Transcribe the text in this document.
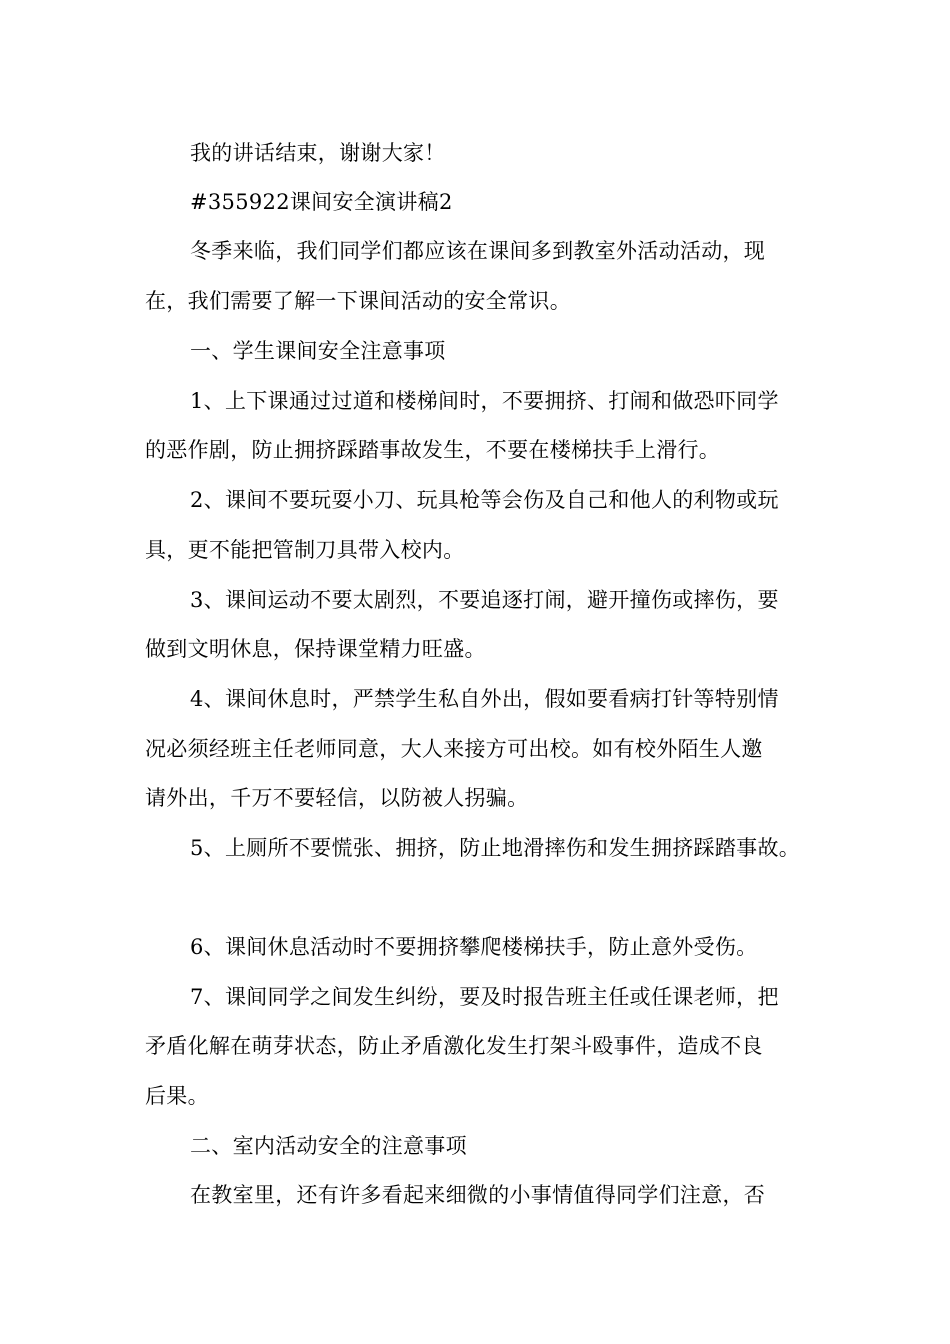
我的讲话结束，谢谢大家！
#355922课间安全演讲稿2
冬季来临，我们同学们都应该在课间多到教室外活动活动，现
在，我们需要了解一下课间活动的安全常识。
一、学生课间安全注意事项
1、上下课通过过道和楼梯间时，不要拥挤、打闹和做恐吓同学
的恶作剧，防止拥挤踩踏事故发生，不要在楼梯扶手上滑行。
2、课间不要玩耍小刀、玩具枪等会伤及自己和他人的利物或玩
具，更不能把管制刀具带入校内。
3、课间运动不要太剧烈，不要追逐打闹，避开撞伤或摔伤，要
做到文明休息，保持课堂精力旺盛。
4、课间休息时，严禁学生私自外出，假如要看病打针等特别情
况必须经班主任老师同意，大人来接方可出校。如有校外陌生人邀
请外出，千万不要轻信，以防被人拐骗。
5、上厕所不要慌张、拥挤，防止地滑摔伤和发生拥挤踩踏事故。
6、课间休息活动时不要拥挤攀爬楼梯扶手，防止意外受伤。
7、课间同学之间发生纠纷，要及时报告班主任或任课老师，把
矛盾化解在萌芽状态，防止矛盾激化发生打架斗殴事件，造成不良
后果。
二、室内活动安全的注意事项
在教室里，还有许多看起来细微的小事情值得同学们注意，否
